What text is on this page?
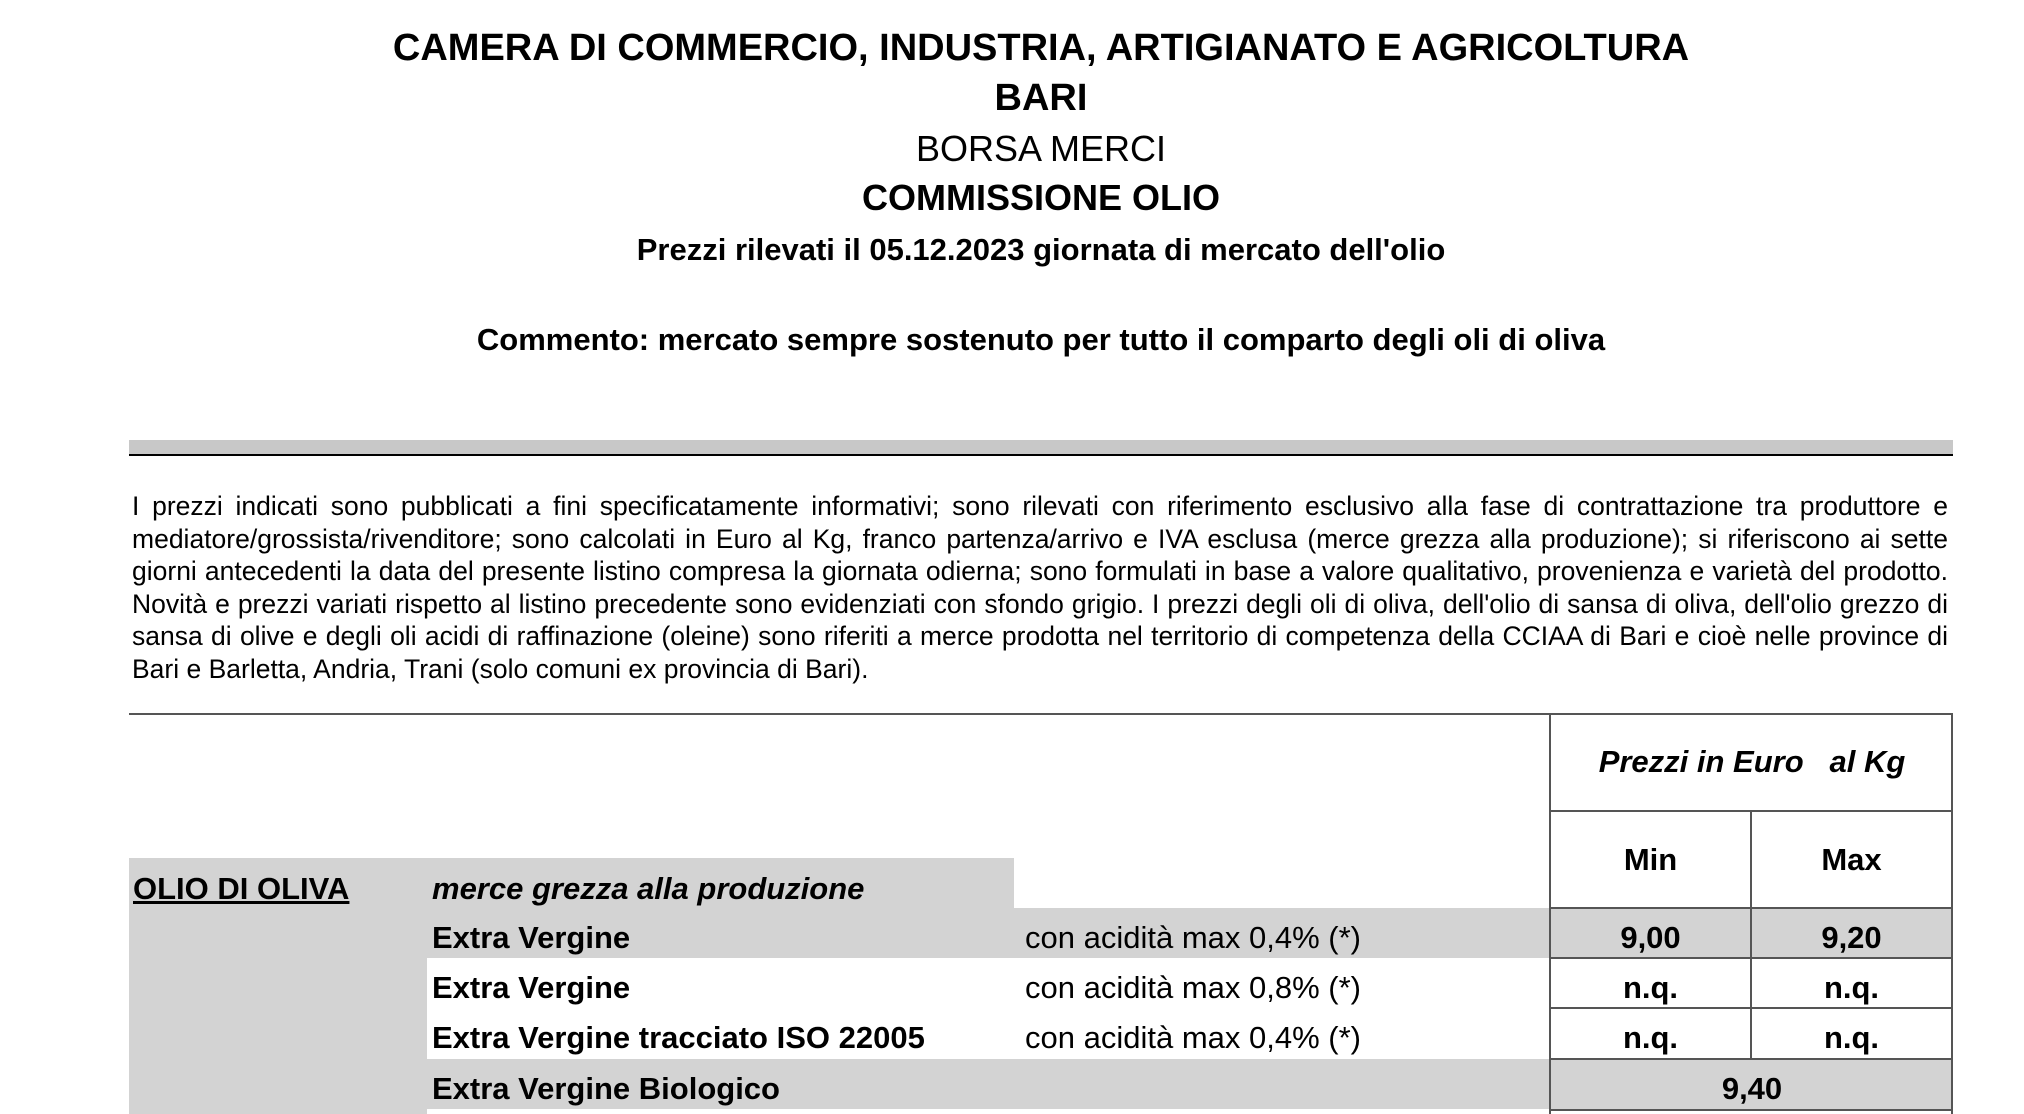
CAMERA DI COMMERCIO, INDUSTRIA, ARTIGIANATO E AGRICOLTURA
BARI
BORSA MERCI
COMMISSIONE OLIO
Prezzi rilevati il 05.12.2023 giornata di mercato dell'olio
Commento: mercato sempre sostenuto per tutto il comparto degli oli di oliva
I prezzi indicati sono pubblicati a fini specificatamente informativi; sono rilevati con riferimento esclusivo alla fase di contrattazione tra produttore e mediatore/grossista/rivenditore; sono calcolati in Euro al Kg, franco partenza/arrivo e IVA esclusa (merce grezza alla produzione); si riferiscono ai sette giorni antecedenti la data del presente listino compresa la giornata odierna; sono formulati in base a valore qualitativo, provenienza e varietà del prodotto. Novità e prezzi variati rispetto al listino precedente sono evidenziati con sfondo grigio. I prezzi degli oli di oliva, dell'olio di sansa di oliva, dell'olio grezzo di sansa di olive e degli oli acidi di raffinazione (oleine) sono riferiti a merce prodotta nel territorio di competenza della CCIAA di Bari e cioè nelle province di Bari e Barletta, Andria, Trani (solo comuni ex provincia di Bari).
Prezzi in Euro   al Kg
Min	Max
OLIO DI OLIVA	merce grezza alla produzione
Extra Vergine	con acidità max 0,4% (*)	9,00	9,20
Extra Vergine	con acidità max 0,8% (*)	n.q.	n.q.
Extra Vergine tracciato ISO 22005	con acidità max 0,4% (*)	n.q.	n.q.
Extra Vergine Biologico	9,40
